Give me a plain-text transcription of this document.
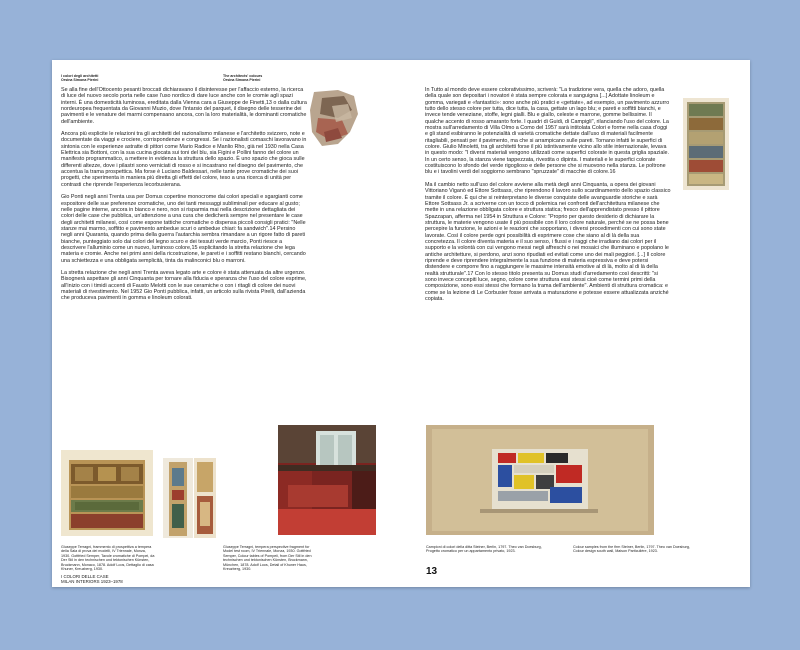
I colori degli architetti
Orsina Simona Pierini
The architects' colours
Orsina Simona Pierini

Se alla fine dell'Ottocento pesanti broccati dichiaravano il disinteresse per l'affaccio esterno, la ricerca di luce del nuovo secolo porta nelle case l'uso nordico di dare luce anche con le cromie agli spazi interni. È una domesticità luminosa, ereditata dalla Vienna cara a Giuseppe de Finetti,13 o dalla cultura nordeuropea frequentata da Giovanni Muzio, dove l'intarsio del parquet, il disegno delle tesserine dei pavimenti e le venature dei marmi compensano ancora, con la loro materialità, le dominanti cromatiche dell'ambiente.

Ancora più esplicite le relazioni tra gli architetti del razionalismo milanese e l'architetto svizzero, note e documentate da viaggi e crociere, corrispondenze e congressi. Se i razionalisti comaschi lavoravano in sintonia con le esperienze astratte di pittori come Mario Radice e Manlio Rho, già nel 1930 nella Casa Elettrica sia Bottoni, con la sua cucina giocata sui toni del blu, sia Figini e Pollini fanno del colore un manifesto programmatico, a mettere in evidenza la struttura dello spazio. È uno spazio che gioca sulle differenti altezze, dove i pilastri sono verniciati di rosso e si incastrano nel disegno del pavimento, che accentua la trama prospettica. Ma forse è Luciano Baldessari, nelle tante prove cromatiche dei suoi progetti, che sperimenta in maniera più diretta gli effetti del colore, teso a una ricerca di unità per contrasti che riprende l'esperienza lecorbusierana.

Gio Ponti negli anni Trenta usa per Domus copertine monocrome dai colori speciali e sgargianti come espositore delle sue preferenze cromatiche, uno dei tanti messaggi subliminali per educare al gusto; nelle pagine interne, ancora in bianco e nero, non si risparmia mai nella descrizione dettagliata dei colori delle case che pubblica, un'attenzione a una cura che dedicherà sempre nel presentare le case degli architetti milanesi, così come espone tattiche cromatiche o dispensa piccoli consigli pratici: "Nelle stanze mai marmo, soffitto e pavimento ambedue scuri o ambedue chiari: fa sandwich".14 Persino negli anni Quaranta, quando prima della guerra l'autarchia sembra rimandare a un rigore fatto di pareti bianche, punteggiato solo dai colori del legno scuro e dei tessuti verde marcio, Ponti riesce a descrivere l'alluminio come un nuovo, luminoso colore,15 esplicitando la stretta relazione che lega materia e cromie. Anche nei primi anni della ricostruzione, le pareti e i soffitti restano bianchi, cercando una schiettezza e una obbligata semplicità, tinta da malinconici blu o marroni.

La stretta relazione che negli anni Trenta aveva legato arte e colore è stata attenuata da altre urgenze. Bisognerà aspettare gli anni Cinquanta per tornare alla fiducia e speranza che l'uso del colore esprime, all'inizio con i timidi accenti di Fausto Melotti con le sue ceramiche o con i ritagli di colore dei nuovi materiali di rivestimento. Nel 1952 Gio Ponti pubblica, infatti, un articolo sulla rivista Pirelli, dall'azienda che produceva pavimenti in gomma e linoleum colorati.

Giuseppe Terragni, frammento di prospettiva a tempera della Sala di prova dei modelli, IV Triennale, Monza, 1930. Gottfried Semper, Tavole cromatiche di Pompei, da Der Stil in den technischen und tektonischen Künsten, Bruckmann, Monaco, 1878. Adolf Loos, Dettaglio di casa Khuner, Kreuzberg, 1930.
Giuseppe Terragni, tempera perspective fragment for Model test room, IV Triennale, Monza, 1930. Gottfried Semper, Colour tables of Pompeii, from Der Stil in den technischen und tektonischen Künsten, Bruckmann, München, 1878. Adolf Loos, Detail of Khuner Haus, Kreuzberg, 1930.
I COLORI DELLE CASE
MILAN INTERIORS 1923–1978

In Tutto al mondo deve essere colorativissimo, scriverà: "La tradizione vera, quella che adoro, quella della quale son depositari i novatori è stata sempre colorata e sanguigna [...] Adottate linoleum e gomma, variegati e «fantastici»: sono anche più pratici e «gettate», ad esempio, un pavimento azzurro tutto dello stesso colore per tutta, dice tutta, la casa, gettate un lago blu; e pareti e soffitti bianchi, e invece tende veneziane, stoffe, legni gialli. Blu e giallo, celeste e marrone, gomme bellissime. Il qualche accento di rosso amaranto forte. I quadri di Guidi, di Campigli", rilanciando l'uso del colore. La mostra sull'arredamento di Villa Olmo a Como del 1957 sarà intitolata Colori e forme nella casa d'oggi e gli stand esibiranno le potenzialità di varietà cromatiche dettate dall'uso di materiali facilmente ritagliabili, pensati per il pavimento, ma che si arrampicano sulle pareti. Tornano infatti le superfici di colore. Giulio Minoletti, tra gli architetti forse il più istintivamente vicino allo stile internazionale, levava in questo modo: "I diversi materiali vengono utilizzati come superfici colorate in questa griglia spaziale. In un certo senso, la stanza viene tappezzata, rivestita o dipinta. I materiali e le superfici colorate costituiscono lo sfondo del verde rigoglioso e delle persone che si muovono nella stanza. Le poltrone blu e i tavolini verdi del soggiorno sembrano "spruzzate" di macchie di colore.16

Ma il cambio netto sull'uso del colore avviene alla metà degli anni Cinquanta, a opera dei giovani Vittoriano Viganò ed Ettore Sottsass, che riprendono il lavoro sullo scardinamento dello spazio classico tramite il colore. È qui che si reinterpretano le diverse conquiste delle avanguardie storiche e sarà Ettore Sottsass Jr. a scriverne con un tocco di polemica nei confronti dell'architettura milanese che mette in una relazione obbligata colore e struttura statica; fresco dell'apprendistato presso il pittore Spazzapan, afferma nel 1954 in Struttura e Colore: "Proprio per questo desiderio di dichiarare la struttura, le materie vengono usate il più possibile con il loro colore naturale, perché se ne possa bene percepire la funzione, le azioni e le reazioni che sopportano, i diversi procedimenti con cui sono state lavorate. Così il colore perde ogni possibilità di esprimere cose che siano al di là della sua concretezza. Il colore diventa materia e il suo senso, i flussi e i raggi che irradiano dai colori per il supporto e la volontà con cui vengono messi negli affreschi o nei mosaici che illuminano e popolano le antiche architetture, si perdono, anzi sono ripudiati ed evitati come uno dei mali peggiori. [...] Il colore riprende e deve riprendere integralmente la sua funzione di materia espressiva e deve potersi distendere e comporre fino a raggiungere le massime intensità emotive al di là, molto al di là della realtà strutturale".17 Con lo stesso titolo presenta su Domus studi d'arredamento così descritti: "si sono invece concepiti luce, segno, colore come struttura essi stessi cioè come termini primi della composizione, sono essi stessi che formano la trama dell'ambiente". Ambienti di struttura cromatica: e come se la lezione di Le Corbusier fosse arrivata a maturazione e potesse essere attualizzata anziché copiata.

Campioni di colori della ditta Steiner, Berlin, 1797. Theo van Doesburg, Progetto cromatico per un appartamento privato, 1923.
Colour samples from the firm Steiner, Berlin, 1797. Theo van Doesburg, Colour design south wall, Maison Particulière, 1923.
13
